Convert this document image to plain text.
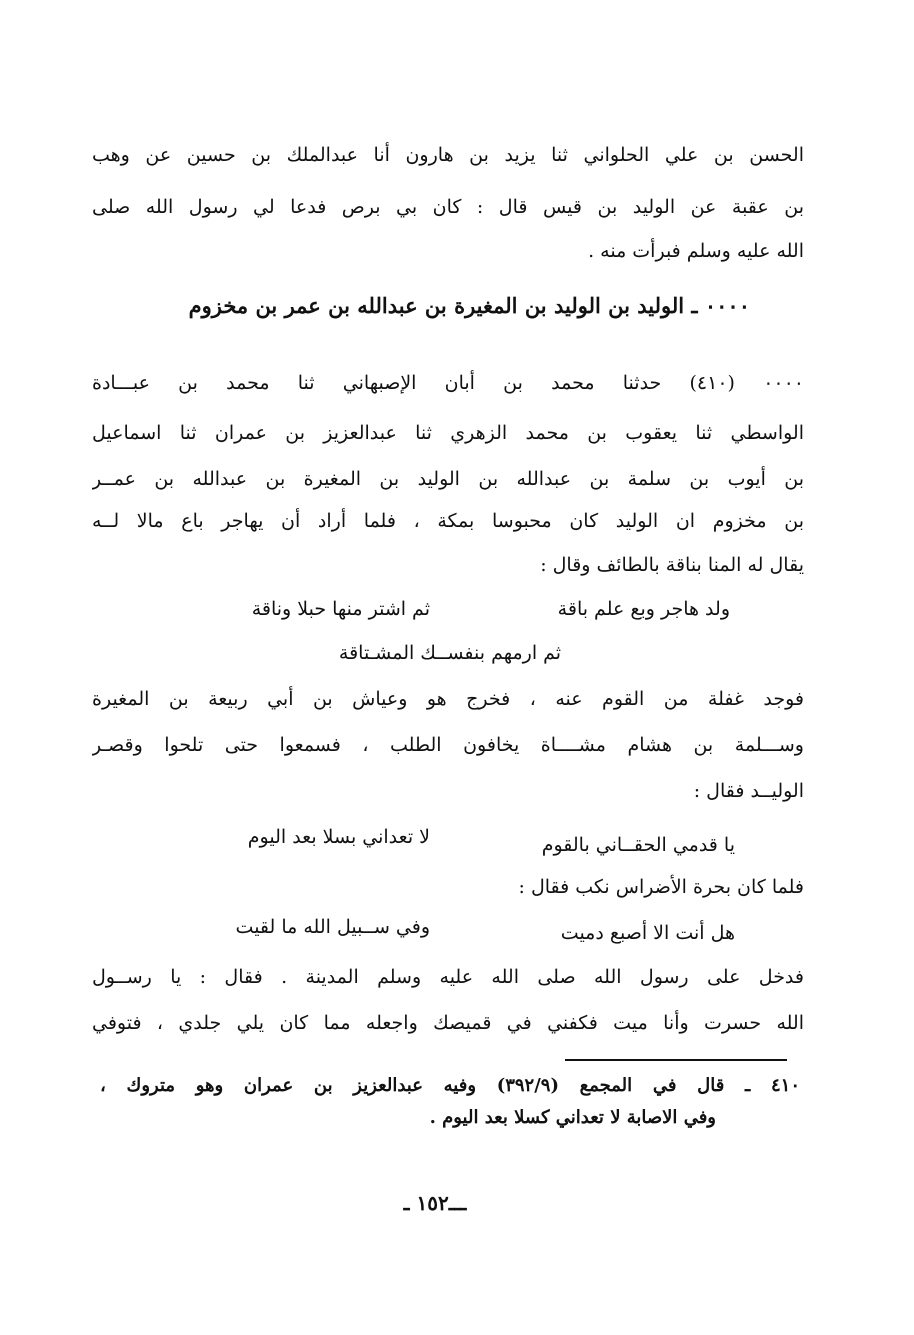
الحسن بن علي الحلواني ثنا يزيد بن هارون أنا عبدالملك بن حسين عن وهب
بن عقبة عن الوليد بن قيس قال : كان بي برص فدعا لي رسول الله صلى
الله عليه وسلم فبرأت منه .
۰۰۰۰ ـ الوليد بن الوليد بن المغيرة بن عبدالله بن عمر بن مخزوم
۰۰۰۰ (٤١٠) حدثنا محمد بن أبان الإصبهاني ثنا محمد بن عبـــادة
الواسطي ثنا يعقوب بن محمد الزهري ثنا عبدالعزيز بن عمران ثنا اسماعيل
بن أيوب بن سلمة بن عبدالله بن الوليد بن المغيرة بن عبدالله بن عمــر
بن مخزوم ان الوليد كان محبوسا بمكة ، فلما أراد أن يهاجر باع مالا لــه
يقال له المنا بناقة بالطائف وقال :
ولد هاجر وبع علم باقة
ثم اشتر منها حبلا وناقة
ثم ارمهم بنفســك المشـتاقة
فوجد غفلة من القوم عنه ، فخرج هو وعياش بن أبي ربيعة بن المغيرة
وســـلمة بن هشام مشــــاة يخافون الطلب ، فسمعوا حتى تلحوا وقصـر
الوليــد فقال :
يا قدمي الحقــاني بالقوم
لا تعداني بسلا بعد اليوم
فلما كان بحرة الأضراس نكب فقال :
هل أنت الا أصبع دميت
وفي ســبيل الله ما لقيت
فدخل على رسول الله صلى الله عليه وسلم المدينة . فقال : يا رســول
الله حسرت وأنا ميت فكفني في قميصك واجعله مما كان يلي جلدي ، فتوفي
٤١٠ ـ قال في المجمع (٣٩٢/٩) وفيه عبدالعزيز بن عمران وهو متروك ،
وفي الاصابة لا تعداني كسلا بعد اليوم .
ـــ١٥٢ ـ
